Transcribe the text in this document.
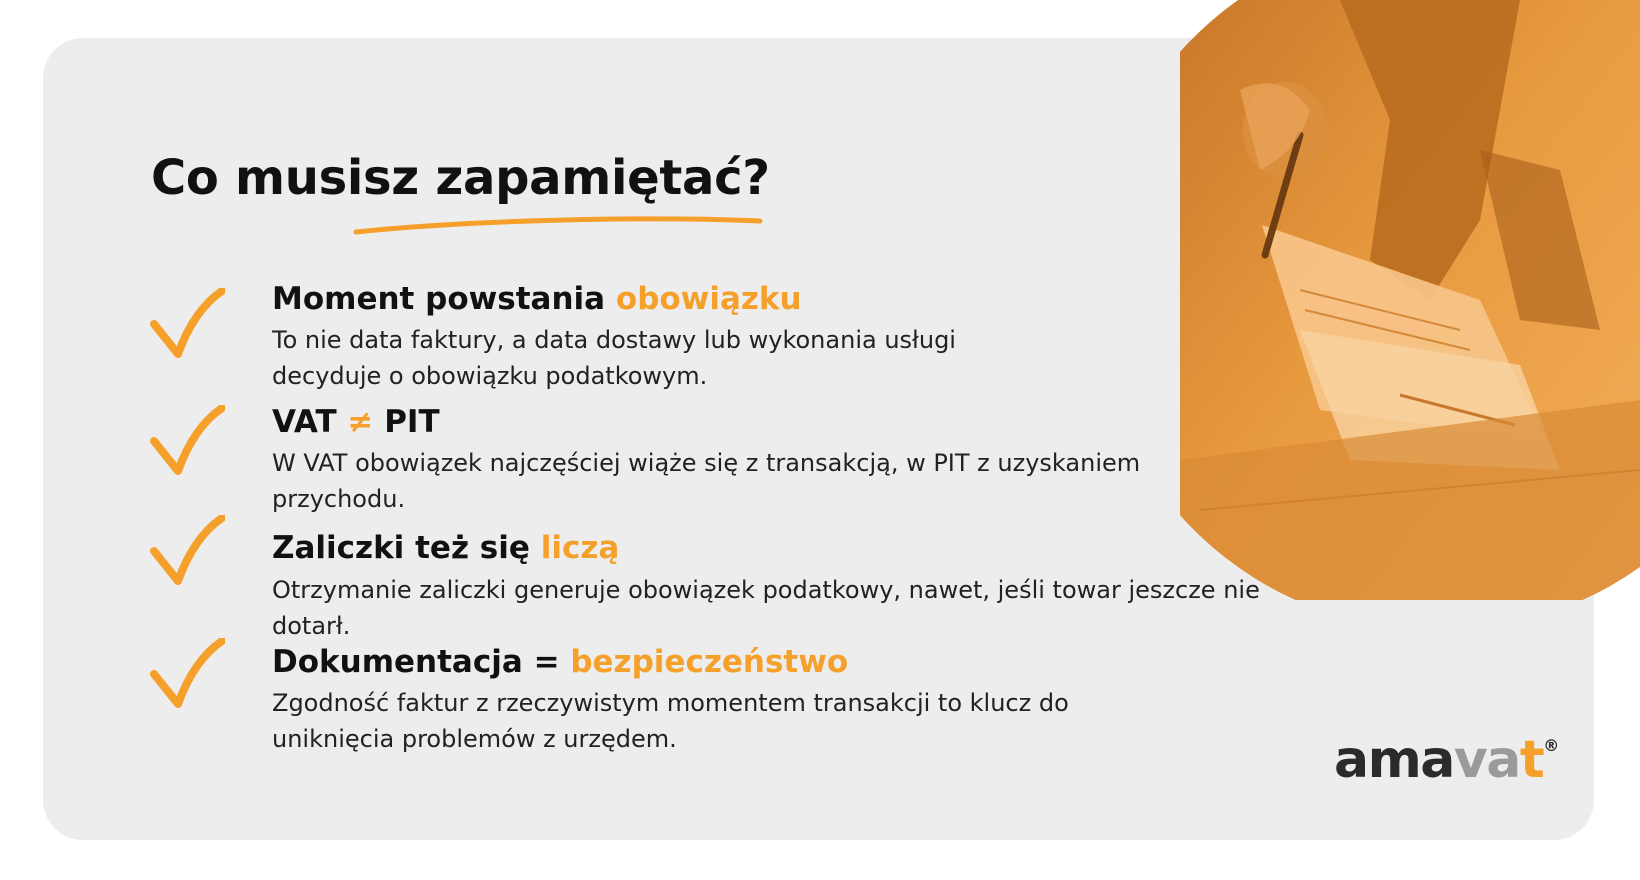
Co musisz zapamiętać?

Moment powstania obowiązku

To nie data faktury, a data dostawy lub wykonania usługi decyduje o obowiązku podatkowym.

VAT ≠ PIT

W VAT obowiązek najczęściej wiąże się z transakcją, w PIT z uzyskaniem przychodu.

Zaliczki też się liczą

Otrzymanie zaliczki generuje obowiązek podatkowy, nawet, jeśli towar jeszcze nie dotarł.

Dokumentacja = bezpieczeństwo

Zgodność faktur z rzeczywistym momentem transakcji to klucz do uniknięcia problemów z urzędem.	amavat®
